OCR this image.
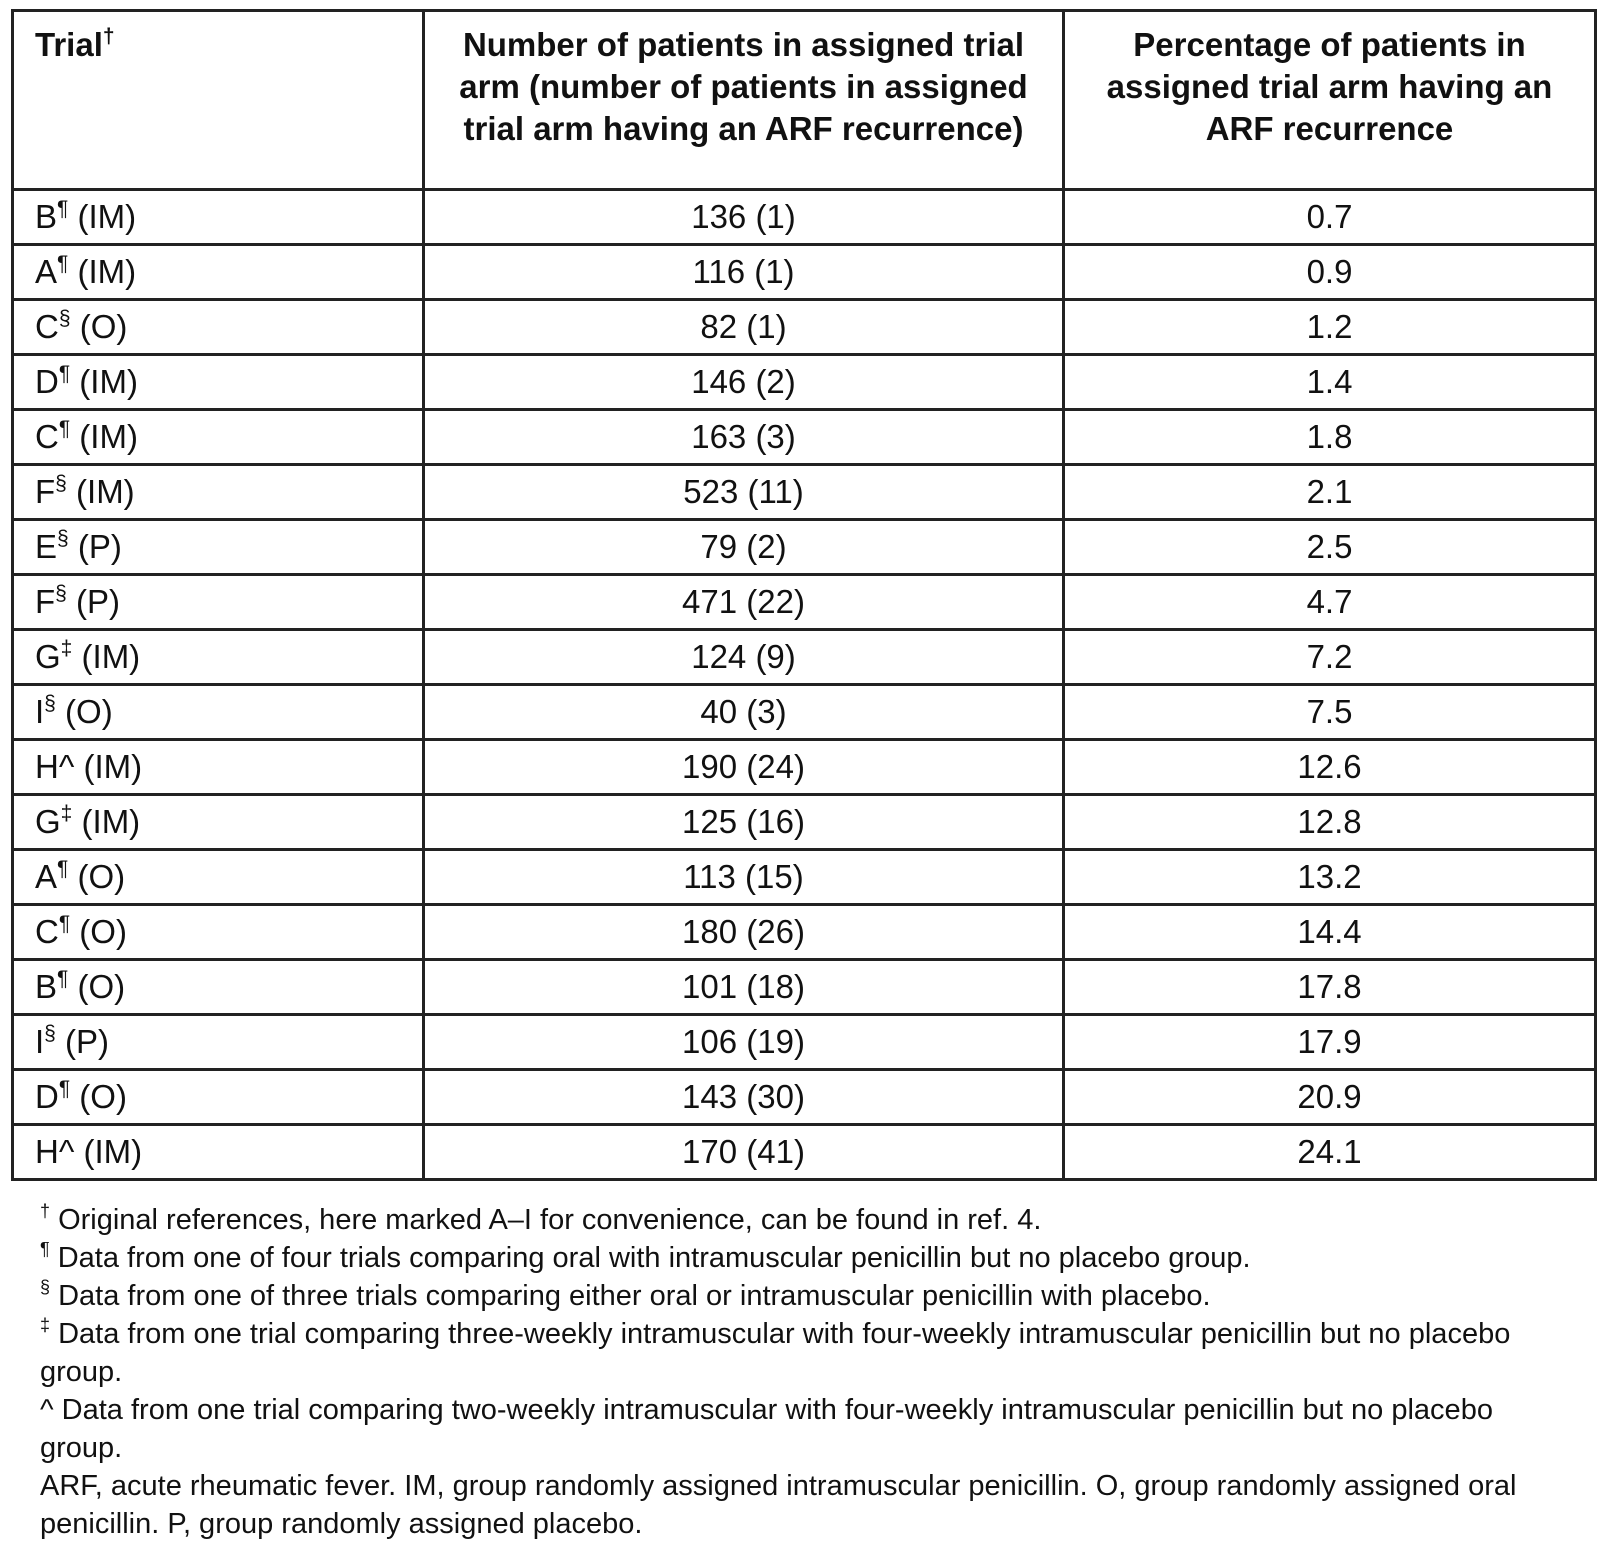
Trial†	Number of patients in assigned trial arm (number of patients in assigned trial arm having an ARF recurrence)	Percentage of patients in assigned trial arm having an ARF recurrence
B¶ (IM)	136 (1)	0.7
A¶ (IM)	116 (1)	0.9
C§ (O)	82 (1)	1.2
D¶ (IM)	146 (2)	1.4
C¶ (IM)	163 (3)	1.8
F§ (IM)	523 (11)	2.1
E§ (P)	79 (2)	2.5
F§ (P)	471 (22)	4.7
G‡ (IM)	124 (9)	7.2
I§ (O)	40 (3)	7.5
H^ (IM)	190 (24)	12.6
G‡ (IM)	125 (16)	12.8
A¶ (O)	113 (15)	13.2
C¶ (O)	180 (26)	14.4
B¶ (O)	101 (18)	17.8
I§ (P)	106 (19)	17.9
D¶ (O)	143 (30)	20.9
H^ (IM)	170 (41)	24.1

† Original references, here marked A–I for convenience, can be found in ref. 4.

¶ Data from one of four trials comparing oral with intramuscular penicillin but no placebo group.

§ Data from one of three trials comparing either oral or intramuscular penicillin with placebo.

‡ Data from one trial comparing three-weekly intramuscular with four-weekly intramuscular penicillin but no placebo group.

^ Data from one trial comparing two-weekly intramuscular with four-weekly intramuscular penicillin but no placebo group.

ARF, acute rheumatic fever. IM, group randomly assigned intramuscular penicillin. O, group randomly assigned oral penicillin. P, group randomly assigned placebo.
